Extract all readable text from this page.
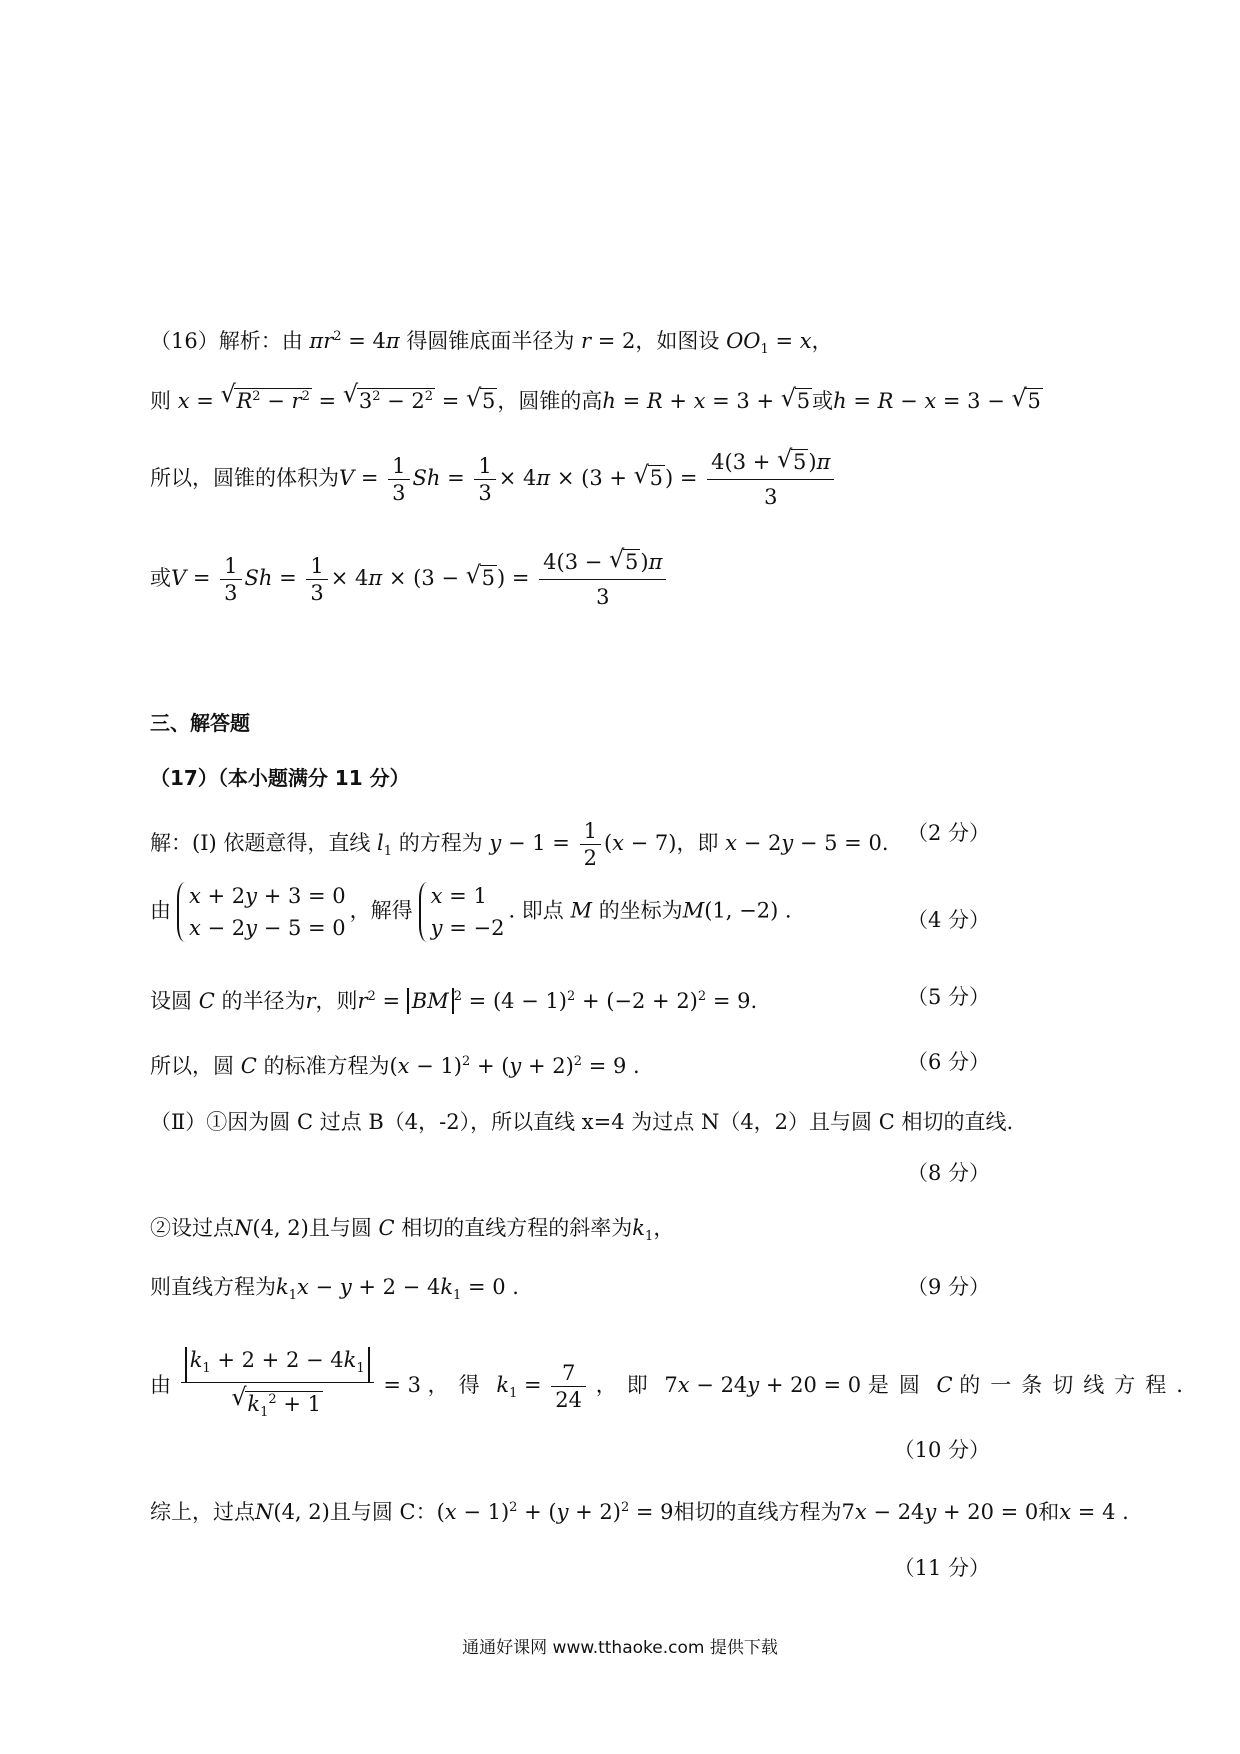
（16）解析：由 $\pi r^2 = 4\pi$ 得圆锥底面半径为 r = 2，如图设 $OO_1 = x$，
则 x = √ $R^2 - r^2$ = √ $3^2 - 2^2$ = √ 5，圆锥的高h = R + x = 3 + √ 5或h = R − x = 3 − √ 5
所以，圆锥的体积为$V = \frac{1}{3}$ $Sh = \frac{1}{3} \times 4\pi \times (3$ + √ $5) = \frac{4(3 + √ 5)\pi}{3}$
或$V = \frac{1}{3}$ $Sh = \frac{1}{3} \times 4\pi \times (3$ − √ $5) = \frac{4(3 - √ 5)\pi}{3}$
三、解答题
（17）（本小题满分 11 分）
解：(Ⅰ) 依题意得，直线 $l_1$ 的方程为 $y - 1 = \frac{1}{2} (x - 7)$，即 x − 2y − 5 = 0. （2 分）
由
x + 2y + 3 = 0
x − 2y − 5 = 0
，解得
x = 1
y = −2
. 即点 M 的坐标为M(1, −2) .	（4 分）
设圆 C 的半径为r，则$r^2$ = BM $^2 = (4 - 1)^2 + (-2 + 2)^2 = 9$.	（5 分）
所以，圆 C 的标准方程为$(x - 1)^2 + (y + 2)^2 = 9$ .	（6 分）
（Ⅱ）①因为圆 C 过点 B（4，-2），所以直线 x=4 为过点 N（4，2）且与圆 C 相切的直线.
（8 分）
②设过点N(4, 2)且与圆 C 相切的直线方程的斜率为$k_1$，
则直线方程为$k_1x - y + 2 - 4k_1 = 0$ .	（9 分）
由 $k_1 + 2 + 2 - 4k_1$
√ $k_1^2 + 1 = 3$ ，得 $k_1 = \frac{7}{24}$ ，即 7x − 24y + 20 = 0 是圆 C 的一条切线方程.
（10 分）
综上，过点N(4, 2)且与圆 C：$(x - 1)^2 + (y + 2)^2 = 9$相切的直线方程为7x − 24y + 20 = 0和x = 4 .
（11 分）
通通好课网 www.tthaoke.com 提供下载
